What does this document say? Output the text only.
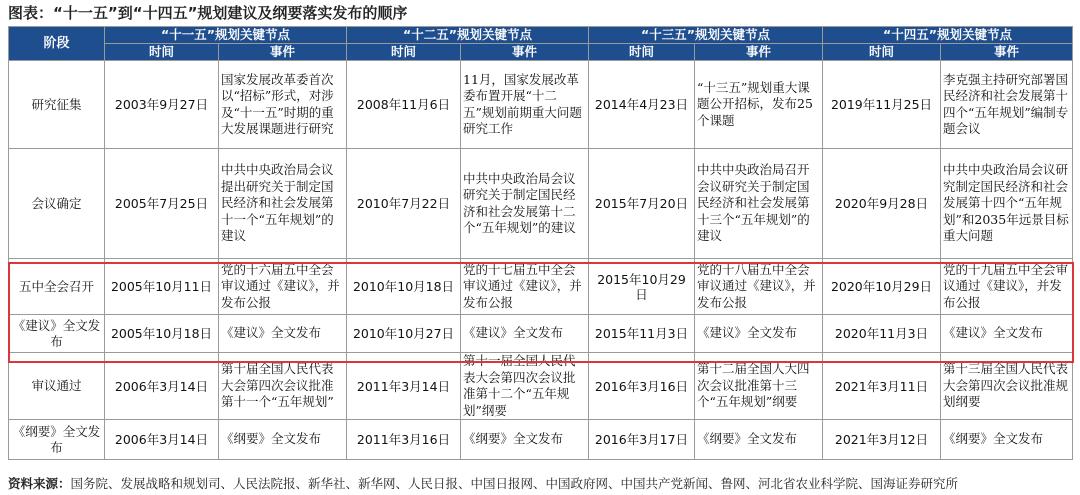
图表：“十一五”到“十四五”规划建议及纲要落实发布的顺序
阶段	“十一五”规划关键节点		“十二五”规划关键节点		“十三五”规划关键节点		“十四五”规划关键节点	
	时间	事件	时间	事件	时间	事件	时间	事件
研究征集	2003年9月27日	国家发展改革委首次以“招标”形式，对涉及“十一五”时期的重大发展课题进行研究	2008年11月6日	11月，国家发展改革委布置开展“十二五”规划前期重大问题研究工作	2014年4月23日	“十三五”规划重大课题公开招标，发布25个课题	2019年11月25日	李克强主持研究部署国民经济和社会发展第十四个“五年规划”编制专题会议
会议确定	2005年7月25日	中共中央政治局会议提出研究关于制定国民经济和社会发展第十一个“五年规划”的建议	2010年7月22日	中共中央政治局会议研究关于制定国民经济和社会发展第十二个“五年规划”的建议	2015年7月20日	中共中央政治局召开会议研究关于制定国民经济和社会发展第十三个“五年规划”的建议	2020年9月28日	中共中央政治局会议研究制定国民经济和社会发展第十四个“五年规划”和2035年远景目标重大问题
五中全会召开	2005年10月11日	党的十六届五中全会审议通过《建议》，并发布公报	2010年10月18日	党的十七届五中全会审议通过《建议》，并发布公报	2015年10月29日	党的十八届五中全会审议通过《建议》，并发布公报	2020年10月29日	党的十九届五中全会审议通过《建议》，并发布公报
《建议》全文发布	2005年10月18日	《建议》全文发布	2010年10月27日	《建议》全文发布	2015年11月3日	《建议》全文发布	2020年11月3日	《建议》全文发布
审议通过	2006年3月14日	第十届全国人民代表大会第四次会议批准第十一个“五年规划”	2011年3月14日	第十一届全国人民代表大会第四次会议批准第十二个“五年规划”纲要	2016年3月16日	第十二届全国人大四次会议批准第十三个“五年规划”纲要	2021年3月11日	第十三届全国人民代表大会第四次会议批准规划纲要
《纲要》全文发布	2006年3月14日	《纲要》全文发布	2011年3月16日	《纲要》全文发布	2016年3月17日	《纲要》全文发布	2021年3月12日	《纲要》全文发布
资料来源：国务院、发展战略和规划司、人民法院报、新华社、新华网、人民日报、中国日报网、中国政府网、中国共产党新闻、鲁网、河北省农业科学院、国海证券研究所
